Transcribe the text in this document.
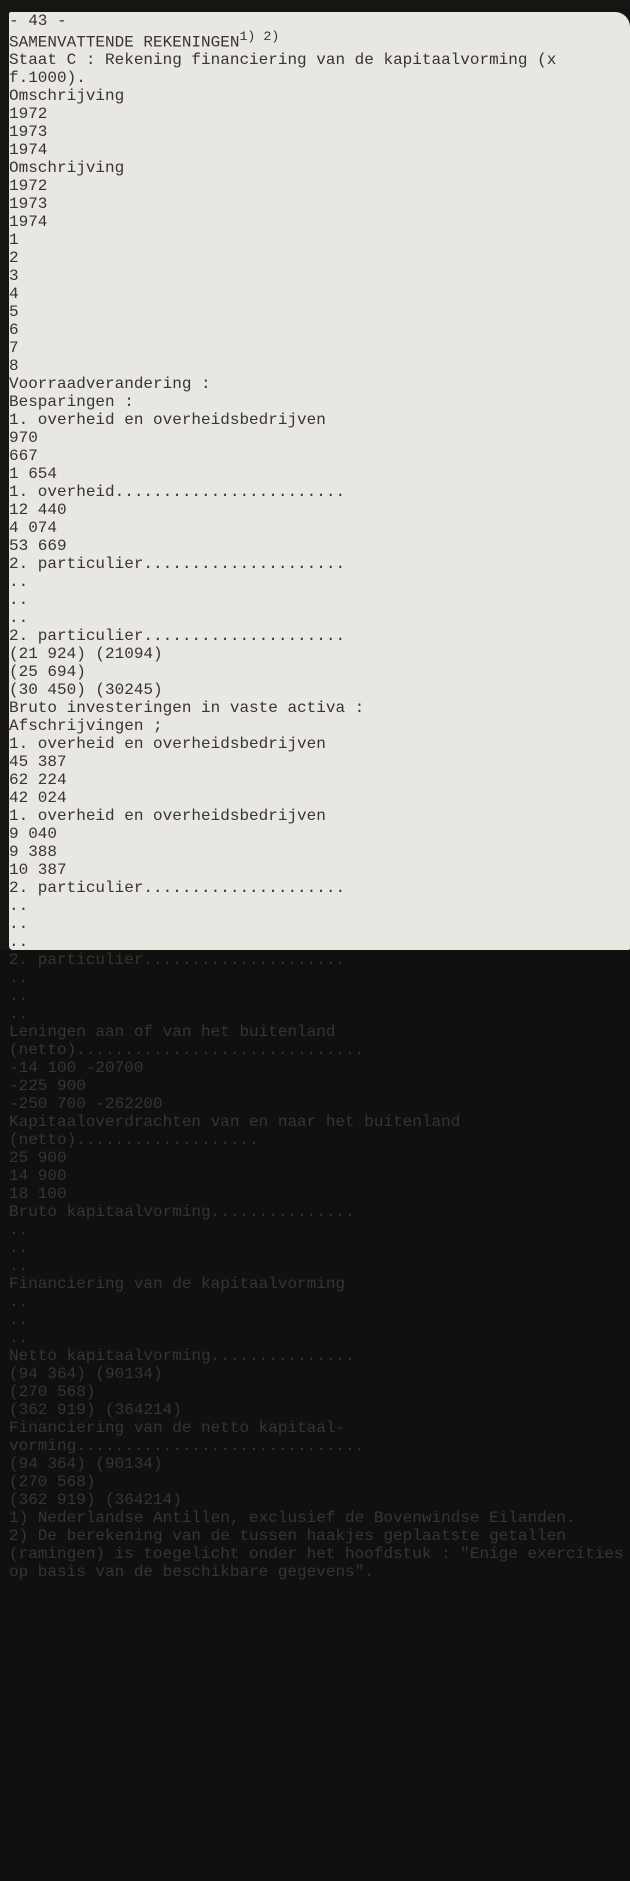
- 43 -
SAMENVATTENDE $REKENINGEN^{1) 2)}$
Staat C : Rekening financiering van de kapitaalvorming (x f.1000).
Omschrijving
1972
1973
1974
Omschrijving
1972
1973
1974
1
2
3
4
5
6
7
8
Voorraadverandering :
Besparingen :
1. overheid en overheidsbedrijven
970
667
1 654
1. overheid........................
12 440
4 074
53 669
2. particulier.....................
..
..
..
2. particulier.....................
(21 924) (21094)
(25 694)
(30 450) (30245)
Bruto investeringen in vaste activa :
Afschrijvingen ;
1. overheid en overheidsbedrijven
45 387
62 224
42 024
1. overheid en overheidsbedrijven
9 040
9 388
10 387
2. particulier.....................
..
..
..
2. particulier.....................
..
..
..
Leningen aan of van het buitenland (netto)..............................
-14 100 -20700
-225 900
-250 700 -262200
Kapitaaloverdrachten van en naar het buitenland (netto)...................
25 900
14 900
18 100
Bruto kapitaalvorming...............
..
..
..
Financiering van de kapitaalvorming
..
..
..
Netto kapitaalvorming...............
(94 364) (90134)
(270 568)
(362 919) (364214)
Financiering van de netto kapitaal- vorming..............................
(94 364) (90134)
(270 568)
(362 919) (364214)
1) Nederlandse Antillen, exclusief de Bovenwindse Eilanden.
2) De berekening van de tussen haakjes geplaatste getallen (ramingen) is toegelicht onder het hoofdstuk : "Enige exercities op basis van de beschikbare gegevens".
